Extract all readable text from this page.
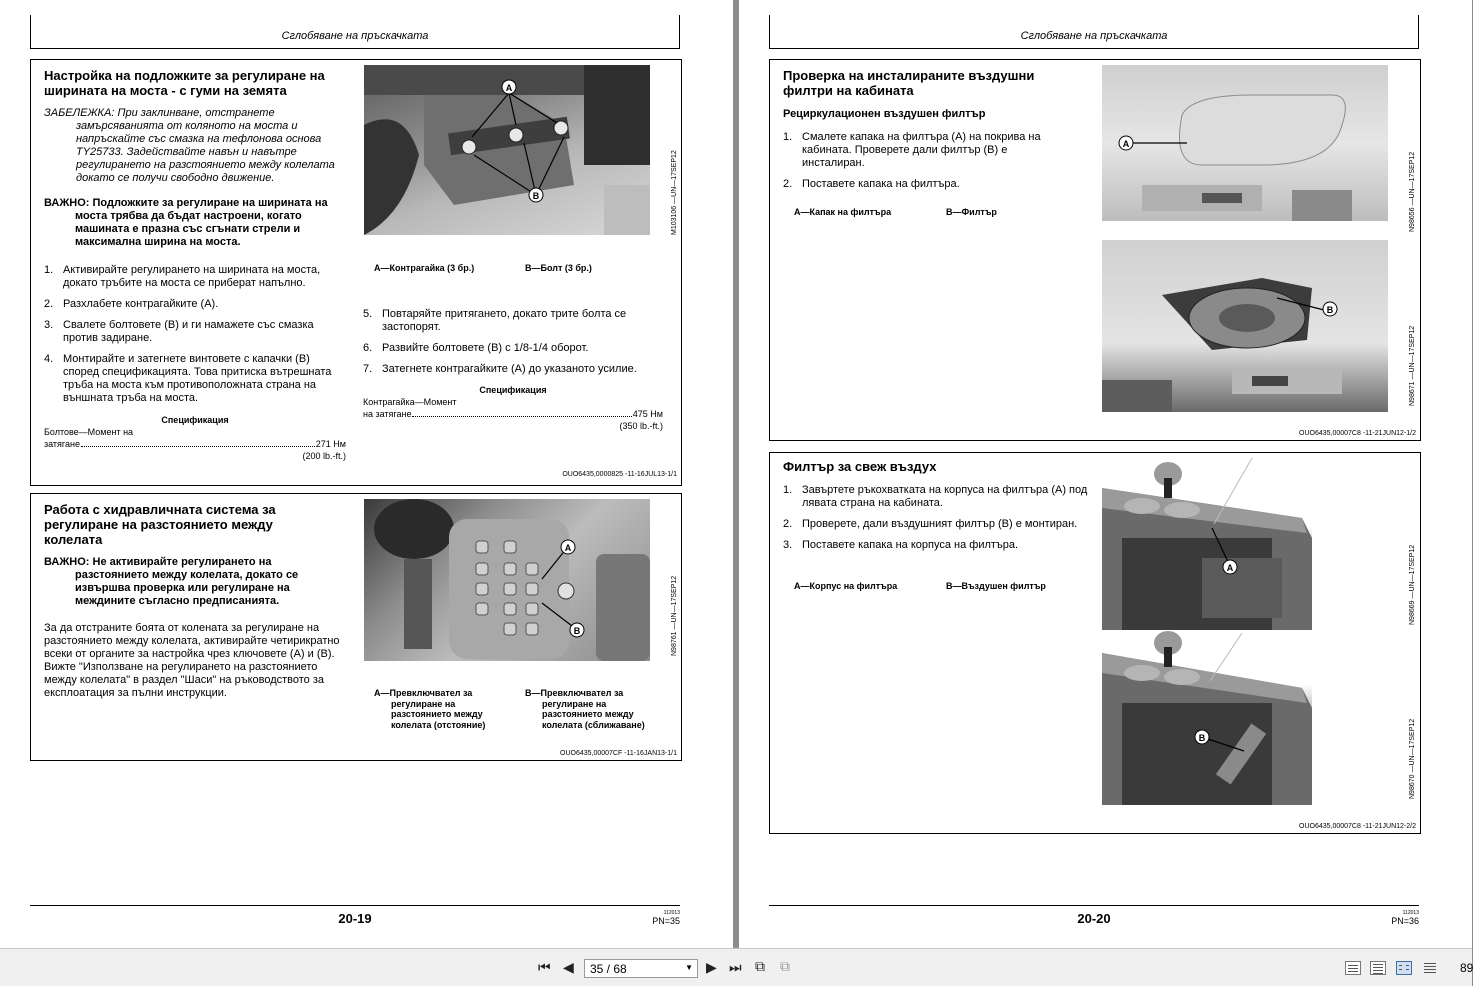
Сглобяване на пръскачката
Настройка на подложките за регулиране на ширината на моста - с гуми на земята
ЗАБЕЛЕЖКА: При заклинване, отстранете замърсяванията от коляното на моста и напръскайте със смазка на тефлонова основа TY25733. Задействайте навън и навътре регулирането на разстоянието между колелата докато се получи свободно движение.
ВАЖНО: Подложките за регулиране на ширината на моста трябва да бъдат настроени, когато машината е празна със сгънати стрели и максимална ширина на моста.
1. Активирайте регулирането на ширината на моста, докато тръбите на моста се приберат напълно.
2. Разхлабете контрагайките (A).
3. Свалете болтовете (B) и ги намажете със смазка против задиране.
4. Монтирайте и затегнете винтовете с капачки (B) според спецификацията. Това притиска вътрешната тръба на моста към противоположната страна на външната тръба на моста.
Спецификация
Болтове—Момент на
затягане	271 Нм
(200 lb.-ft.)
A
B	M103106 —UN—17SEP12
A—Контрагайка (3 бр.)	B—Болт (3 бр.)
5. Повтаряйте притягането, докато трите болта се застопорят.
6. Развийте болтовете (B) с 1/8-1/4 оборот.
7. Затегнете контрагайките (A) до указаното усилие.
Спецификация
Контрагайка—Момент
на затягане	475 Нм
(350 lb.-ft.)
OUO6435,0000825 -11-16JUL13-1/1
Работа с хидравличната система за регулиране на разстоянието между колелата
ВАЖНО: Не активирайте регулирането на разстоянието между колелата, докато се извършва проверка или регулиране на междините съгласно предписанията.
За да отстраните боята от колената за регулиране на разстоянието между колелата, активирайте четирикратно всеки от органите за настройка чрез ключовете (A) и (B). Вижте "Използване на регулирането на разстоянието между колелата" в раздел "Шаси" на ръководството за експлоатация за пълни инструкции.
A
B	N98761 —UN—17SEP12
A—Превключвател за регулиране на разстоянието между колелата (отстояние)
B—Превключвател за регулиране на разстоянието между колелата (сближаване)
OUO6435,00007CF -11-16JAN13-1/1
20-19	112013
PN=35
Сглобяване на пръскачката
Проверка на инсталираните въздушни филтри на кабината
Рециркулационен въздушен филтър
1. Смалете капака на филтъра (A) на покрива на кабината. Проверете дали филтър (B) е инсталиран.
2. Поставете капака на филтъра.
A—Капак на филтъра	B—Филтър
A
N98656 —UN—17SEP12
B
N98671 —UN—17SEP12
OUO6435,00007C8 -11-21JUN12-1/2
Филтър за свеж въздух
1. Завъртете ръкохватката на корпуса на филтъра (A) под лявата страна на кабината.
2. Проверете, дали въздушният филтър (B) е монтиран.
3. Поставете капака на корпуса на филтъра.
A—Корпус на филтъра	B—Въздушен филтър
A	N98669 —UN—17SEP12
B	N98670 —UN—17SEP12
OUO6435,00007C8 -11-21JUN12-2/2
20-20	112013
PN=36
⏮ ◀	35 / 68	▼ ▶ ⏭ ⧉ ⧉	89
